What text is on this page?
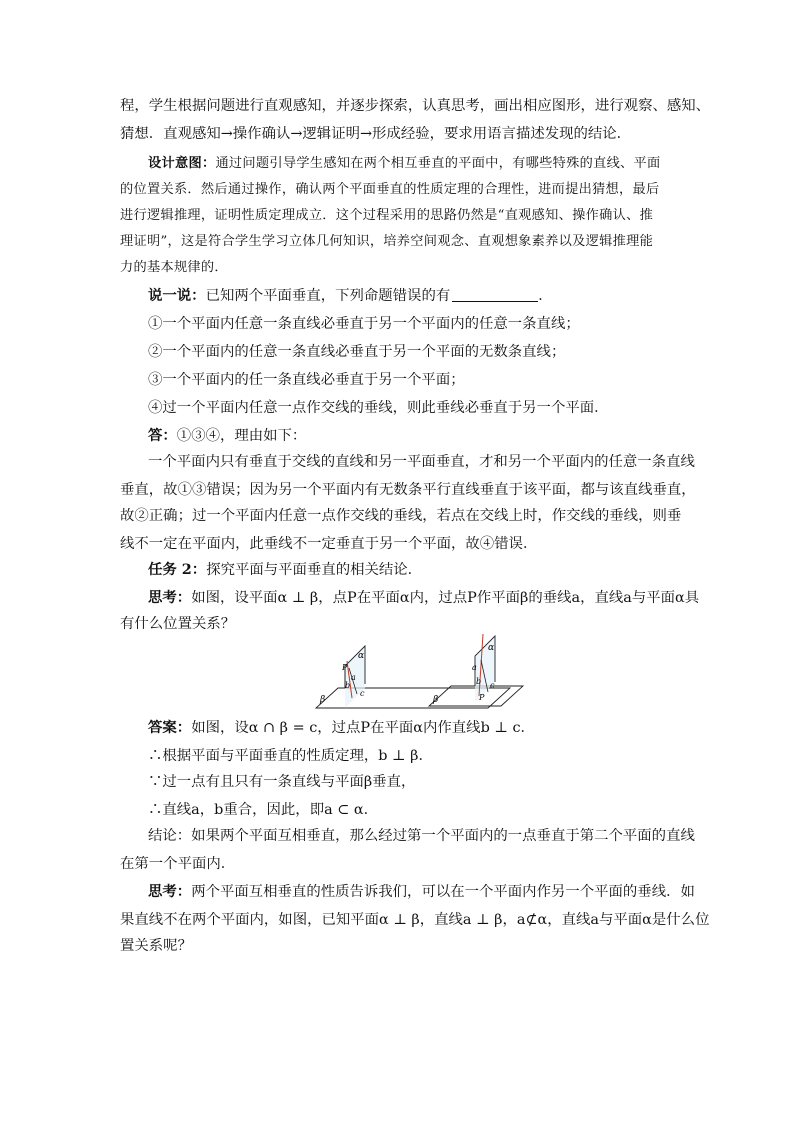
程，学生根据问题进行直观感知，并逐步探索，认真思考，画出相应图形，进行观察、感知、
猜想．直观感知→操作确认→逻辑证明→形成经验，要求用语言描述发现的结论．
设计意图：通过问题引导学生感知在两个相互垂直的平面中，有哪些特殊的直线、平面
的位置关系．然后通过操作，确认两个平面垂直的性质定理的合理性，进而提出猜想，最后
进行逻辑推理，证明性质定理成立．这个过程采用的思路仍然是“直观感知、操作确认、推
理证明”，这是符合学生学习立体几何知识，培养空间观念、直观想象素养以及逻辑推理能
力的基本规律的．
说一说：已知两个平面垂直，下列命题错误的有	．
①一个平面内任意一条直线必垂直于另一个平面内的任意一条直线；
②一个平面内的任意一条直线必垂直于另一个平面的无数条直线；
③一个平面内的任一条直线必垂直于另一个平面；
④过一个平面内任意一点作交线的垂线，则此垂线必垂直于另一个平面．
答：①③④，理由如下：
一个平面内只有垂直于交线的直线和另一平面垂直，才和另一个平面内的任意一条直线
垂直，故①③错误；因为另一个平面内有无数条平行直线垂直于该平面，都与该直线垂直，
故②正确；过一个平面内任意一点作交线的垂线，若点在交线上时，作交线的垂线，则垂
线不一定在平面内，此垂线不一定垂直于另一个平面，故④错误．
任务 2：探究平面与平面垂直的相关结论．
思考：如图，设平面α ⊥ β，点P在平面α内，过点P作平面β的垂线a，直线a与平面α具
有什么位置关系？
β
α
P
a
b
c
β
α
a
b
P
c
答案：如图，设α ∩ β = c，过点P在平面α内作直线b ⊥ c．
∴根据平面与平面垂直的性质定理，b ⊥ β．
∵过一点有且只有一条直线与平面β垂直，
∴直线a，b重合，因此，即a ⊂ α．
结论：如果两个平面互相垂直，那么经过第一个平面内的一点垂直于第二个平面的直线
在第一个平面内．
思考：两个平面互相垂直的性质告诉我们，可以在一个平面内作另一个平面的垂线．如
果直线不在两个平面内，如图，已知平面α ⊥ β，直线a ⊥ β，a⊄α，直线a与平面α是什么位
置关系呢？
